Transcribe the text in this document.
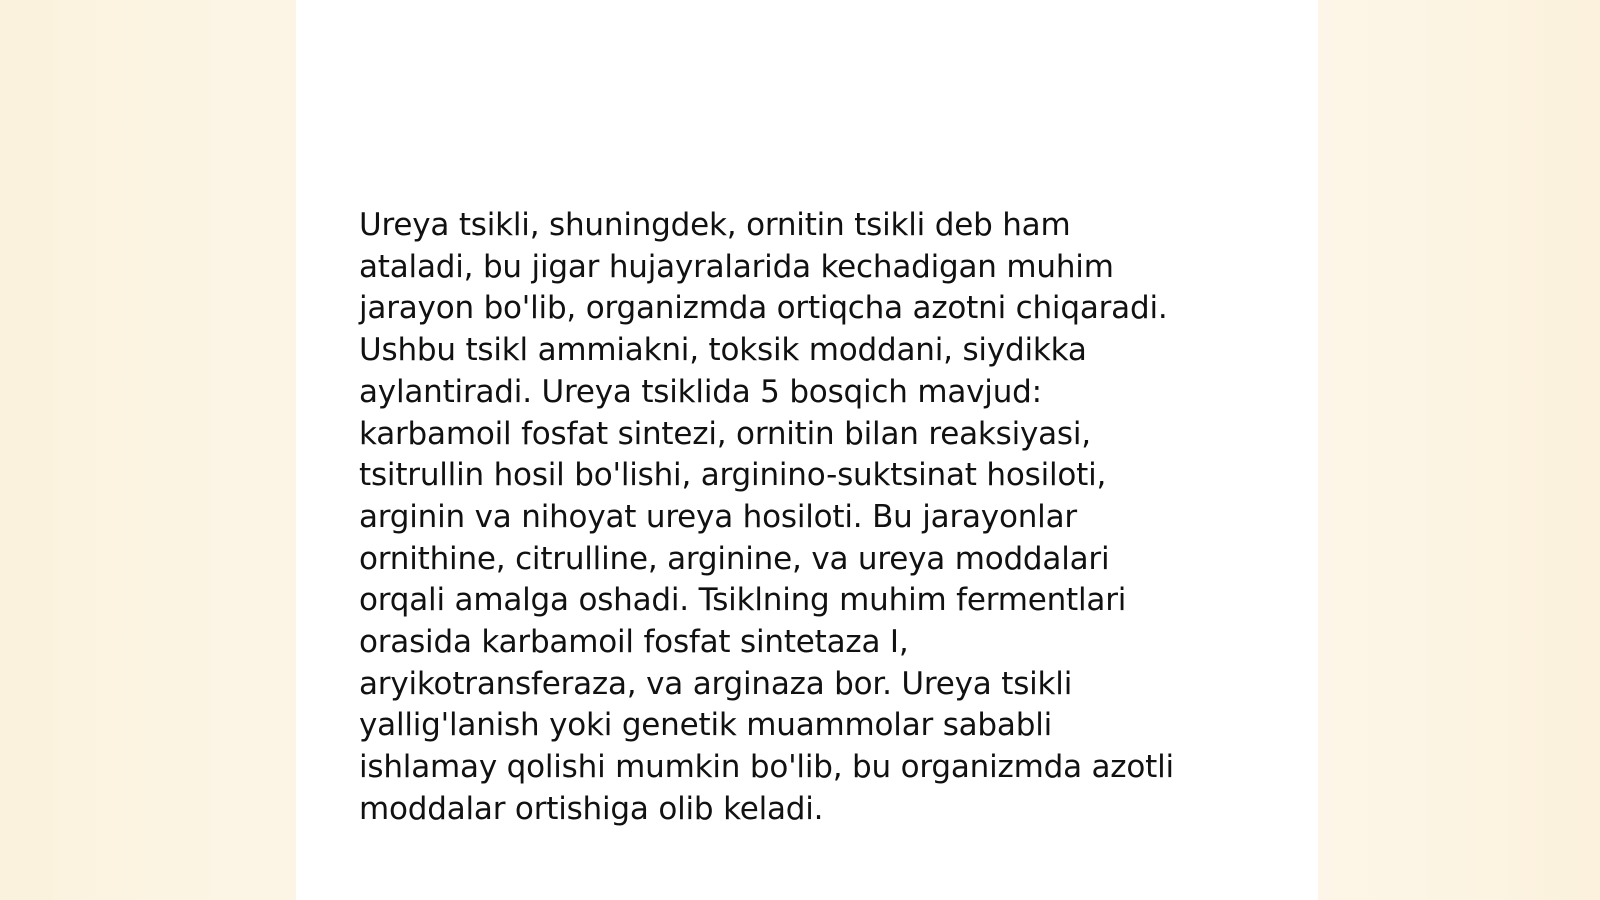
Ureya tsikli, shuningdek, ornitin tsikli deb ham
ataladi, bu jigar hujayralarida kechadigan muhim
jarayon bo'lib, organizmda ortiqcha azotni chiqaradi.
Ushbu tsikl ammiakni, toksik moddani, siydikka
aylantiradi. Ureya tsiklida 5 bosqich mavjud:
karbamoil fosfat sintezi, ornitin bilan reaksiyasi,
tsitrullin hosil bo'lishi, arginino-suktsinat hosiloti,
arginin va nihoyat ureya hosiloti. Bu jarayonlar
ornithine, citrulline, arginine, va ureya moddalari
orqali amalga oshadi. Tsiklning muhim fermentlari
orasida karbamoil fosfat sintetaza I,
aryikotransferaza, va arginaza bor. Ureya tsikli
yallig'lanish yoki genetik muammolar sababli
ishlamay qolishi mumkin bo'lib, bu organizmda azotli
moddalar ortishiga olib keladi.
